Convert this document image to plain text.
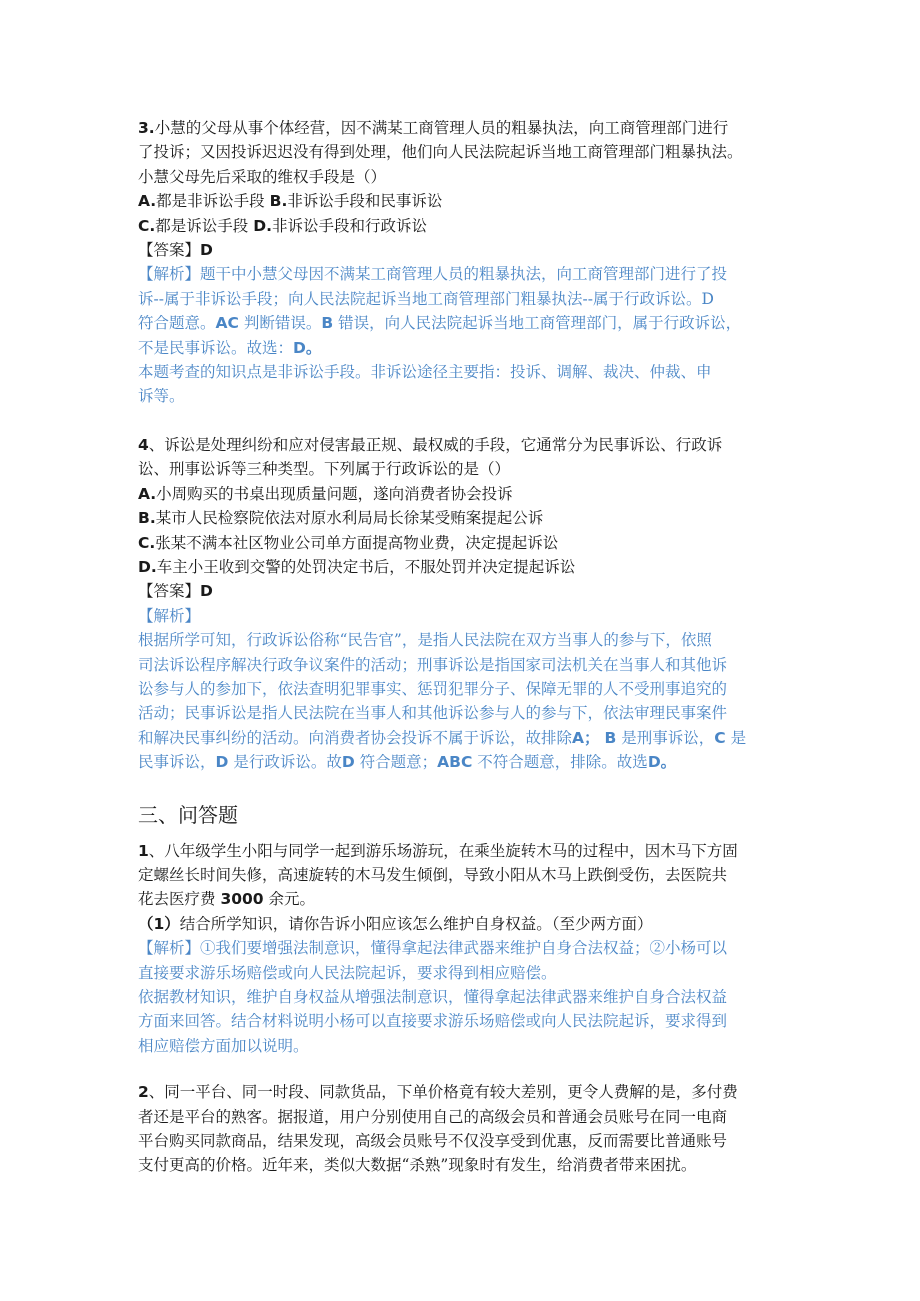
3.小慧的父母从事个体经营，因不满某工商管理人员的粗暴执法，向工商管理部门进行
了投诉；又因投诉迟迟没有得到处理，他们向人民法院起诉当地工商管理部门粗暴执法。
小慧父母先后采取的维权手段是（）
A.都是非诉讼手段 B.非诉讼手段和民事诉讼
C.都是诉讼手段 D.非诉讼手段和行政诉讼
【答案】D
【解析】题干中小慧父母因不满某工商管理人员的粗暴执法，向工商管理部门进行了投
诉--属于非诉讼手段；向人民法院起诉当地工商管理部门粗暴执法--属于行政诉讼。D
符合题意。AC 判断错误。B 错误，向人民法院起诉当地工商管理部门，属于行政诉讼，
不是民事诉讼。故选：D。
本题考查的知识点是非诉讼手段。非诉讼途径主要指：投诉、调解、裁决、仲裁、申
诉等。
4、诉讼是处理纠纷和应对侵害最正规、最权威的手段，它通常分为民事诉讼、行政诉
讼、刑事讼诉等三种类型。下列属于行政诉讼的是（）
A.小周购买的书桌出现质量问题，遂向消费者协会投诉
B.某市人民检察院依法对原水利局局长徐某受贿案提起公诉
C.张某不满本社区物业公司单方面提高物业费，决定提起诉讼
D.车主小王收到交警的处罚决定书后，不服处罚并决定提起诉讼
【答案】D
【解析】
根据所学可知，行政诉讼俗称“民告官”，是指人民法院在双方当事人的参与下，依照
司法诉讼程序解决行政争议案件的活动；刑事诉讼是指国家司法机关在当事人和其他诉
讼参与人的参加下，依法查明犯罪事实、惩罚犯罪分子、保障无罪的人不受刑事追究的
活动；民事诉讼是指人民法院在当事人和其他诉讼参与人的参与下，依法审理民事案件
和解决民事纠纷的活动。向消费者协会投诉不属于诉讼，故排除A； B 是刑事诉讼，C 是
民事诉讼，D 是行政诉讼。故D 符合题意；ABC 不符合题意，排除。故选D。
三、问答题
1、八年级学生小阳与同学一起到游乐场游玩，在乘坐旋转木马的过程中，因木马下方固
定螺丝长时间失修，高速旋转的木马发生倾倒，导致小阳从木马上跌倒受伤，去医院共
花去医疗费 3000 余元。
（1）结合所学知识，请你告诉小阳应该怎么维护自身权益。（至少两方面）
【解析】①我们要增强法制意识，懂得拿起法律武器来维护自身合法权益；②小杨可以
直接要求游乐场赔偿或向人民法院起诉，要求得到相应赔偿。
依据教材知识，维护自身权益从增强法制意识，懂得拿起法律武器来维护自身合法权益
方面来回答。结合材料说明小杨可以直接要求游乐场赔偿或向人民法院起诉，要求得到
相应赔偿方面加以说明。
2、同一平台、同一时段、同款货品，下单价格竟有较大差别，更令人费解的是，多付费
者还是平台的熟客。据报道，用户分别使用自己的高级会员和普通会员账号在同一电商
平台购买同款商品，结果发现，高级会员账号不仅没享受到优惠，反而需要比普通账号
支付更高的价格。近年来，类似大数据“杀熟”现象时有发生，给消费者带来困扰。
